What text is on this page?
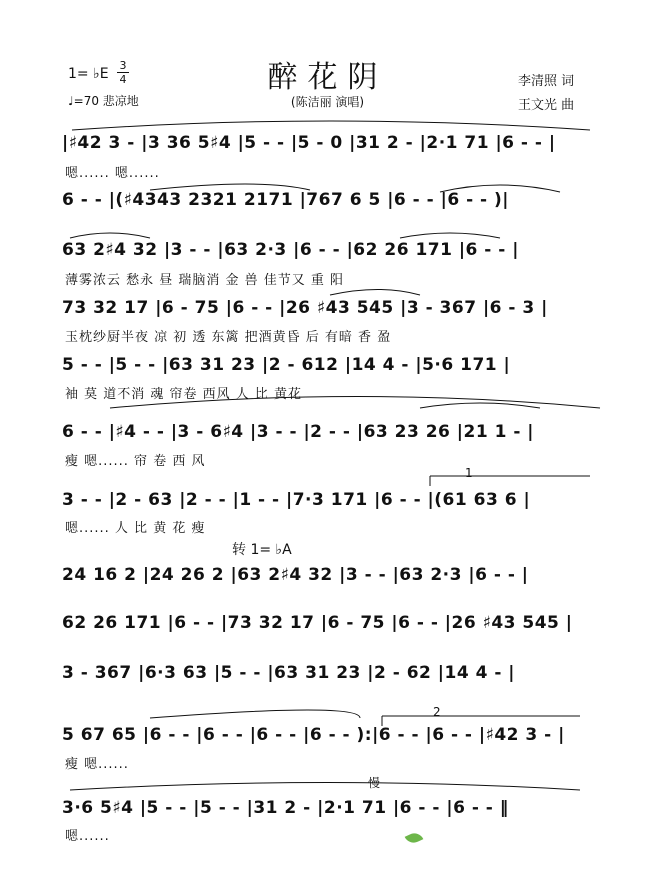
醉花阴
(陈洁丽 演唱)
1= ♭E
3
4
♩=70 悲凉地
李清照 词
王文光 曲
1
2
|♯42 3 - |3 36 5♯4 |5 - - |5 - 0 |31 2 - |2·1 71 |6 - - |
嗯...... 嗯......
6 - - |(♯4343 2321 2171 |767 6 5 |6 - - |6 - - )|
63 2♯4 32 |3 - - |63 2·3 |6 - - |62 26 171 |6 - - |
薄雾浓云 愁永 昼 瑞脑消 金 兽 佳节又 重 阳
73 32 17 |6 - 75 |6 - - |26 ♯43 545 |3 - 367 |6 - 3 |
玉枕纱厨半夜 凉 初 透 东篱 把酒黄昏 后 有暗 香 盈
5 - - |5 - - |63 31 23 |2 - 612 |14 4 - |5·6 171 |
袖 莫 道不消 魂 帘卷 西风 人 比 黄花
6 - - |♯4 - - |3 - 6♯4 |3 - - |2 - - |63 23 26 |21 1 - |
瘦 嗯...... 帘 卷 西 风
3 - - |2 - 63 |2 - - |1 - - |7·3 171 |6 - - |(61 63 6 |
嗯...... 人 比 黄 花 瘦
转 1= ♭A
24 16 2 |24 26 2 |63 2♯4 32 |3 - - |63 2·3 |6 - - |
62 26 171 |6 - - |73 32 17 |6 - 75 |6 - - |26 ♯43 545 |
3 - 367 |6·3 63 |5 - - |63 31 23 |2 - 62 |14 4 - |
5 67 65 |6 - - |6 - - |6 - - |6 - - ):|6 - - |6 - - |♯42 3 - |
瘦 嗯......
慢
3·6 5♯4 |5 - - |5 - - |31 2 - |2·1 71 |6 - - |6 - - ‖
嗯......
